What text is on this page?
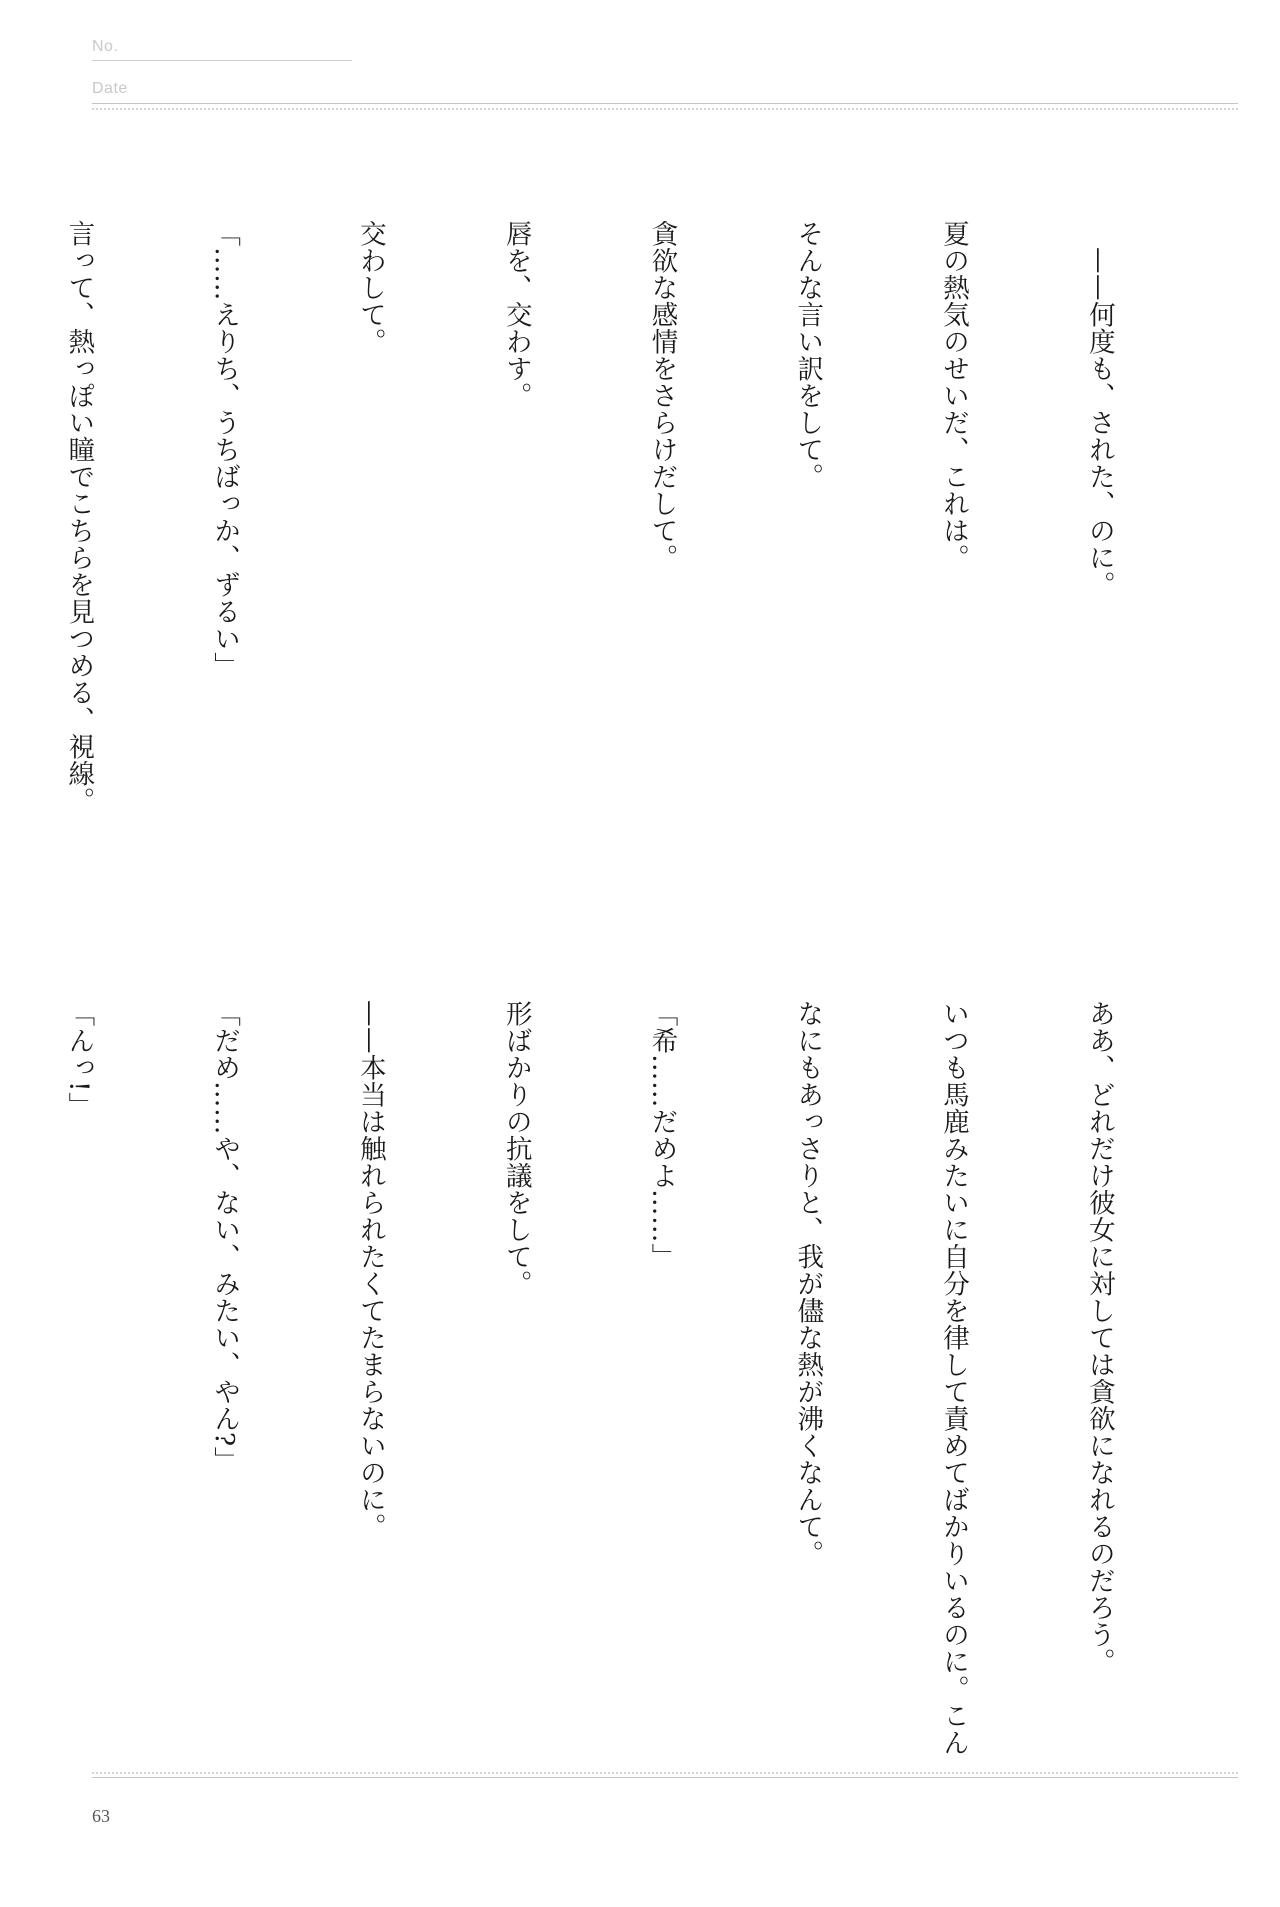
No.
Date

　——何度も、された、のに。

夏の熱気のせいだ、これは。

そんな言い訳をして。

貪欲な感情をさらけだして。

唇を、交わす。

交わして。

「……えりち、うちばっか、ずるい」

言って、熱っぽい瞳でこちらを見つめる、視線。

ああ、どれだけ彼女に対しては貪欲になれるのだろう。

いつも馬鹿みたいに自分を律して責めてばかりいるのに。こん

なにもあっさりと、我が儘な熱が沸くなんて。

「希……だめよ……」

形ばかりの抗議をして。

——本当は触れられたくてたまらないのに。

「だめ……や、ない、みたい、やん?」

「んっ!」

63
